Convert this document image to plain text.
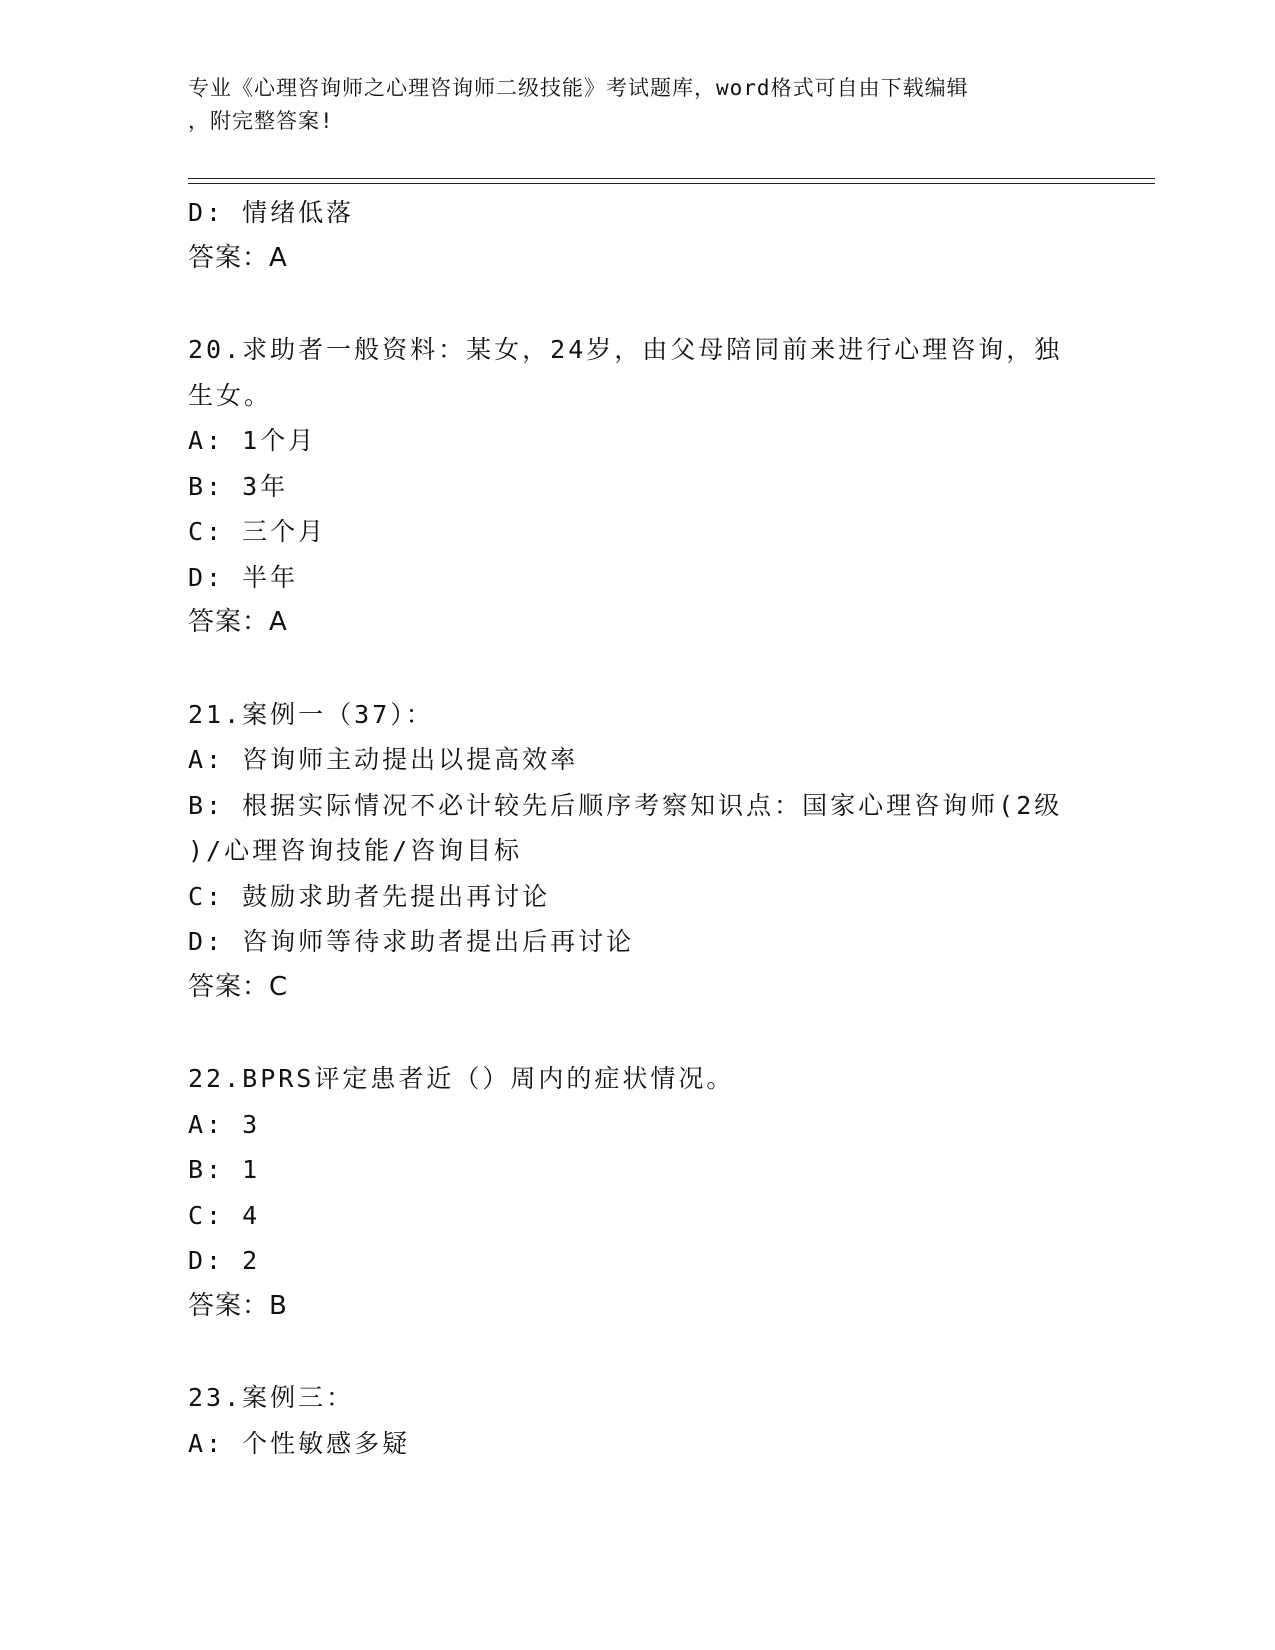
专业《心理咨询师之心理咨询师二级技能》考试题库，word格式可自由下载编辑
，附完整答案!
D: 情绪低落
答案：A
20.求助者一般资料：某女，24岁，由父母陪同前来进行心理咨询，独
生女。
A: 1个月
B: 3年
C: 三个月
D: 半年
答案：A
21.案例一（37）：
A: 咨询师主动提出以提高效率
B: 根据实际情况不必计较先后顺序考察知识点：国家心理咨询师(2级
)/心理咨询技能/咨询目标
C: 鼓励求助者先提出再讨论
D: 咨询师等待求助者提出后再讨论
答案：C
22.BPRS评定患者近（）周内的症状情况。
A: 3
B: 1
C: 4
D: 2
答案：B
23.案例三：
A: 个性敏感多疑
